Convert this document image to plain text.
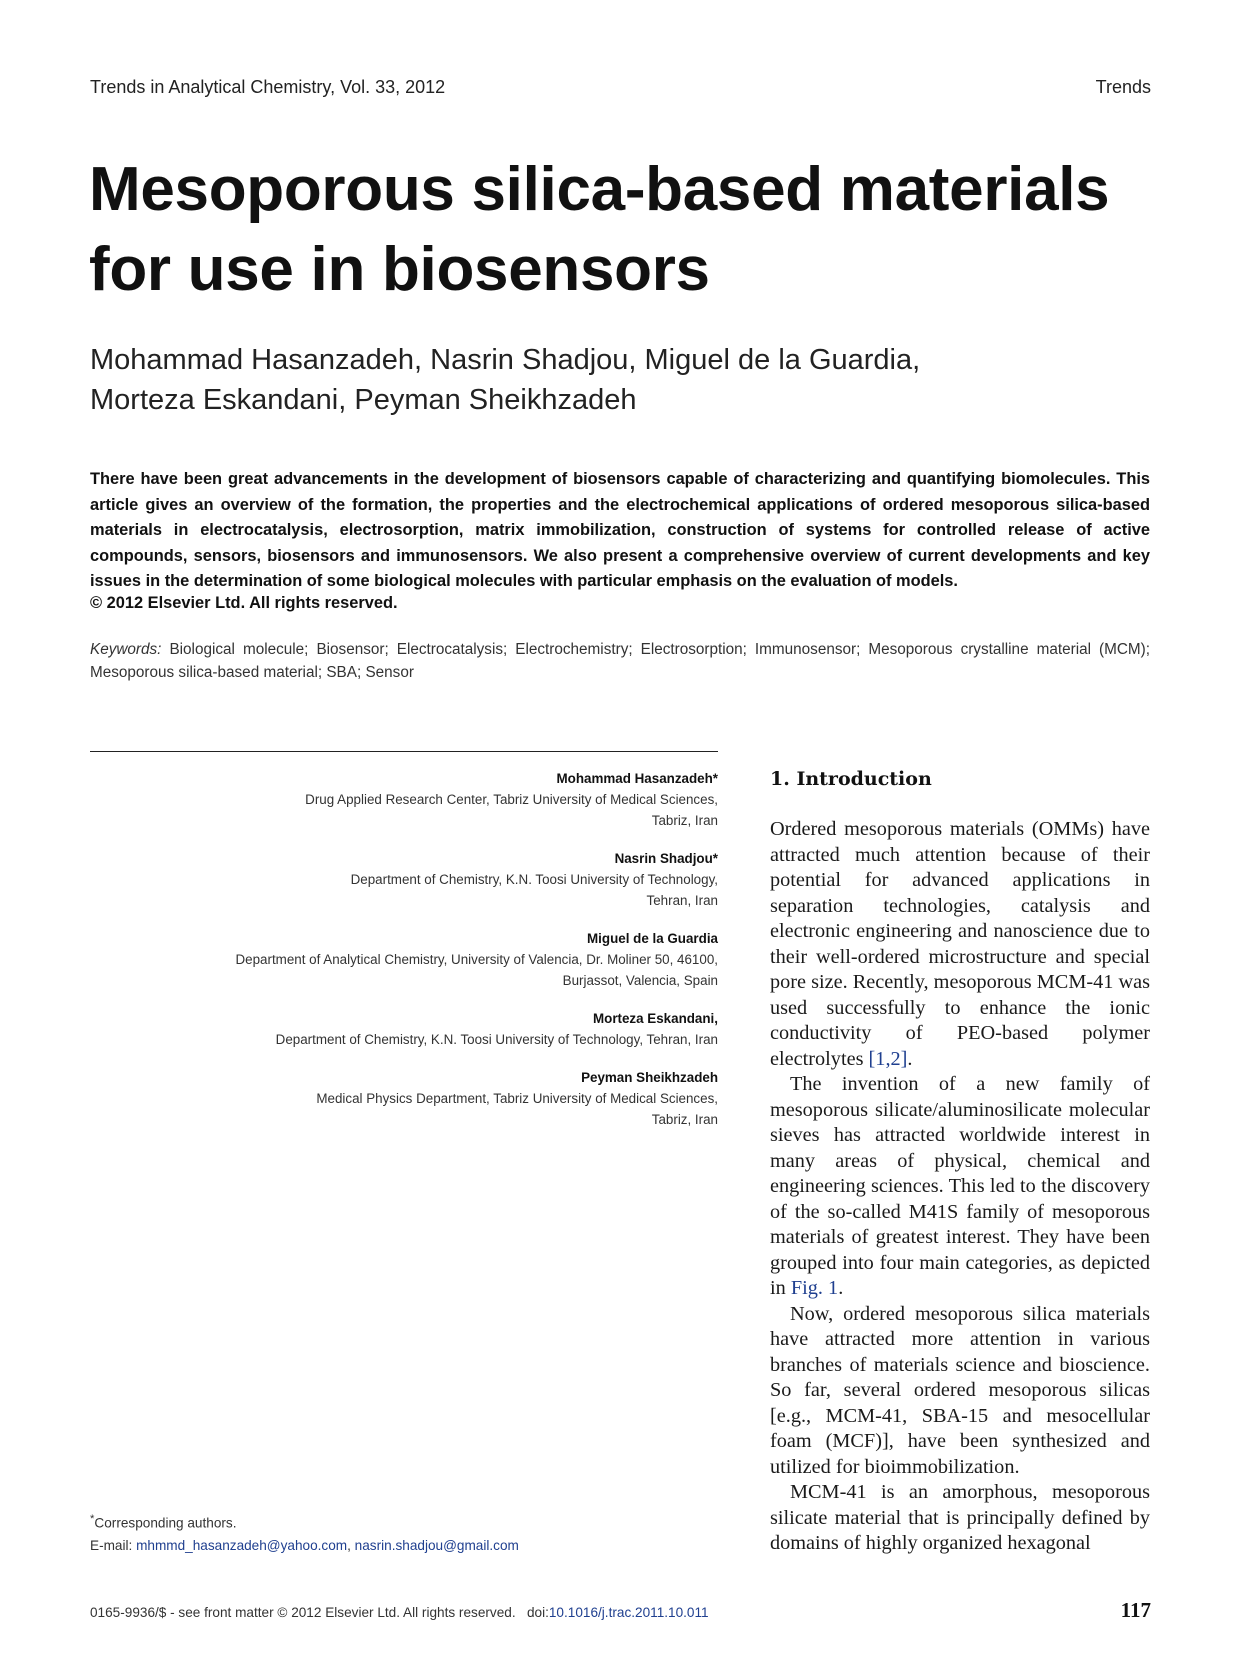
Trends in Analytical Chemistry, Vol. 33, 2012	Trends
Mesoporous silica-based materials
for use in biosensors
Mohammad Hasanzadeh, Nasrin Shadjou, Miguel de la Guardia,
Morteza Eskandani, Peyman Sheikhzadeh
There have been great advancements in the development of biosensors capable of characterizing and quantifying biomolecules. This article gives an overview of the formation, the properties and the electrochemical applications of ordered mesoporous silica-based materials in electrocatalysis, electrosorption, matrix immobilization, construction of systems for controlled release of active compounds, sensors, biosensors and immunosensors. We also present a comprehensive overview of current developments and key issues in the determination of some biological molecules with particular emphasis on the evaluation of models.
© 2012 Elsevier Ltd. All rights reserved.
Keywords: Biological molecule; Biosensor; Electrocatalysis; Electrochemistry; Electrosorption; Immunosensor; Mesoporous crystalline material (MCM); Mesoporous silica-based material; SBA; Sensor
Mohammad Hasanzadeh*
Drug Applied Research Center, Tabriz University of Medical Sciences,
Tabriz, Iran
Nasrin Shadjou*
Department of Chemistry, K.N. Toosi University of Technology,
Tehran, Iran
Miguel de la Guardia
Department of Analytical Chemistry, University of Valencia, Dr. Moliner 50, 46100,
Burjassot, Valencia, Spain
Morteza Eskandani,
Department of Chemistry, K.N. Toosi University of Technology, Tehran, Iran
Peyman Sheikhzadeh
Medical Physics Department, Tabriz University of Medical Sciences,
Tabriz, Iran
*Corresponding authors.
E-mail: mhmmd_hasanzadeh@yahoo.com, nasrin.shadjou@gmail.com
1. Introduction

Ordered mesoporous materials (OMMs) have attracted much attention because of their potential for advanced applications in separation technologies, catalysis and electronic engineering and nanoscience due to their well-ordered microstructure and special pore size. Recently, mesoporous MCM-41 was used successfully to enhance the ionic conductivity of PEO-based polymer electrolytes [1,2].

The invention of a new family of mesoporous silicate/aluminosilicate molecular sieves has attracted worldwide interest in many areas of physical, chemical and engineering sciences. This led to the discovery of the so-called M41S family of mesoporous materials of greatest interest. They have been grouped into four main categories, as depicted in Fig. 1.

Now, ordered mesoporous silica materials have attracted more attention in various branches of materials science and bioscience. So far, several ordered mesoporous silicas [e.g., MCM-41, SBA-15 and mesocellular foam (MCF)], have been synthesized and utilized for bioimmobilization.

MCM-41 is an amorphous, mesoporous silicate material that is principally defined by domains of highly organized hexagonal

0165-9936/$ - see front matter © 2012 Elsevier Ltd. All rights reserved. doi:10.1016/j.trac.2011.10.011	117
